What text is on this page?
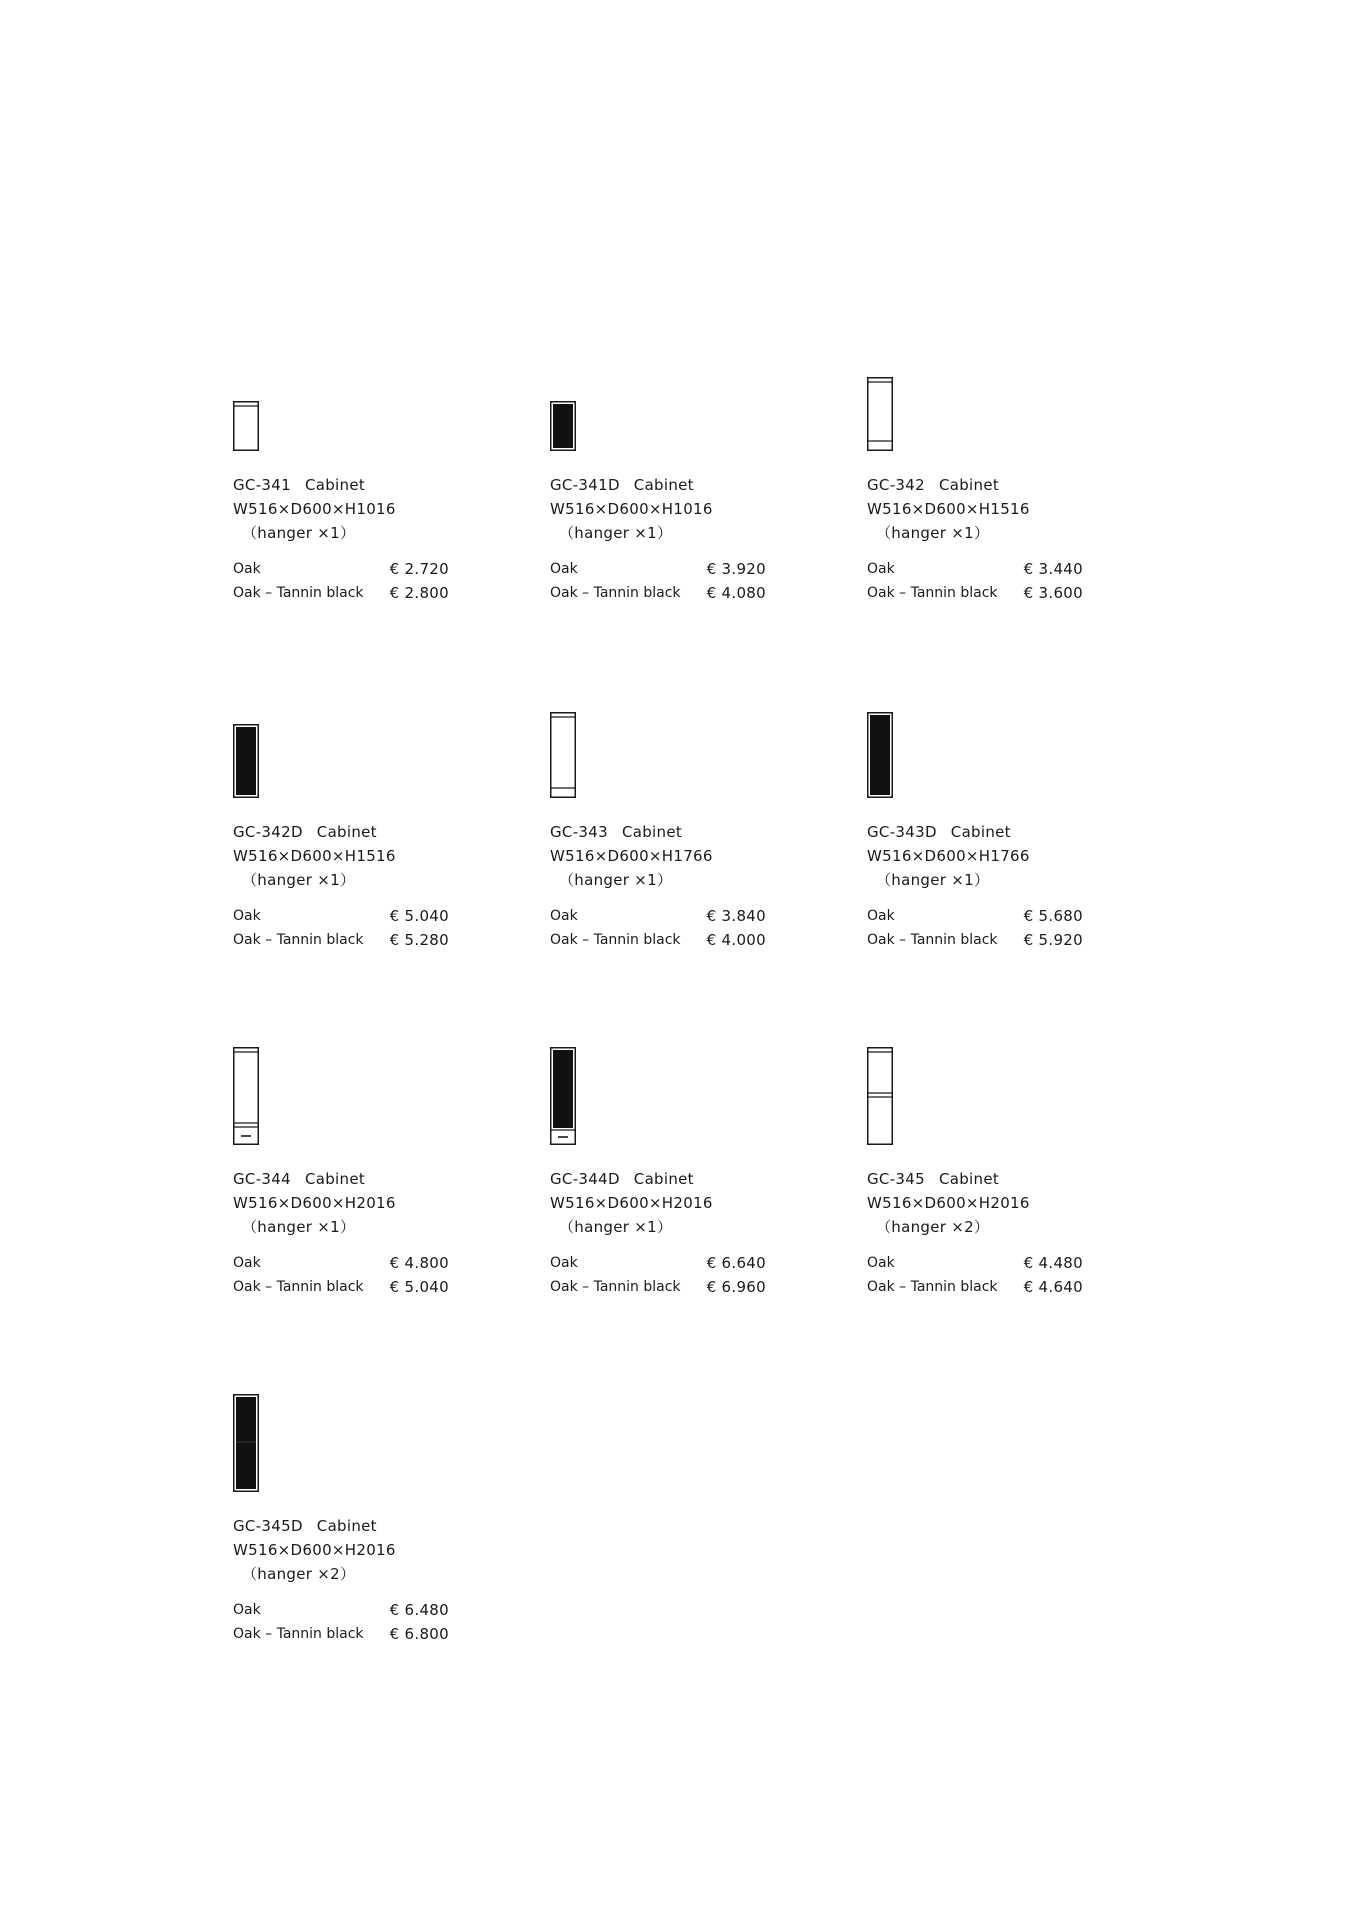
GC-341 Cabinet
W516×D600×H1016
（hanger ×1）
Oak	€ 2.720
Oak – Tannin black € 2.800
GC-341D Cabinet
W516×D600×H1016
（hanger ×1）
Oak	€ 3.920
Oak – Tannin black € 4.080
GC-342 Cabinet
W516×D600×H1516
（hanger ×1）
Oak	€ 3.440
Oak – Tannin black € 3.600
GC-342D Cabinet
W516×D600×H1516
（hanger ×1）
Oak	€ 5.040
Oak – Tannin black € 5.280
GC-343 Cabinet
W516×D600×H1766
（hanger ×1）
Oak	€ 3.840
Oak – Tannin black € 4.000
GC-343D Cabinet
W516×D600×H1766
（hanger ×1）
Oak	€ 5.680
Oak – Tannin black € 5.920
GC-344 Cabinet
W516×D600×H2016
（hanger ×1）
Oak	€ 4.800
Oak – Tannin black € 5.040
GC-344D Cabinet
W516×D600×H2016
（hanger ×1）
Oak	€ 6.640
Oak – Tannin black € 6.960
GC-345 Cabinet
W516×D600×H2016
（hanger ×2）
Oak	€ 4.480
Oak – Tannin black € 4.640
GC-345D Cabinet
W516×D600×H2016
（hanger ×2）
Oak	€ 6.480
Oak – Tannin black € 6.800
